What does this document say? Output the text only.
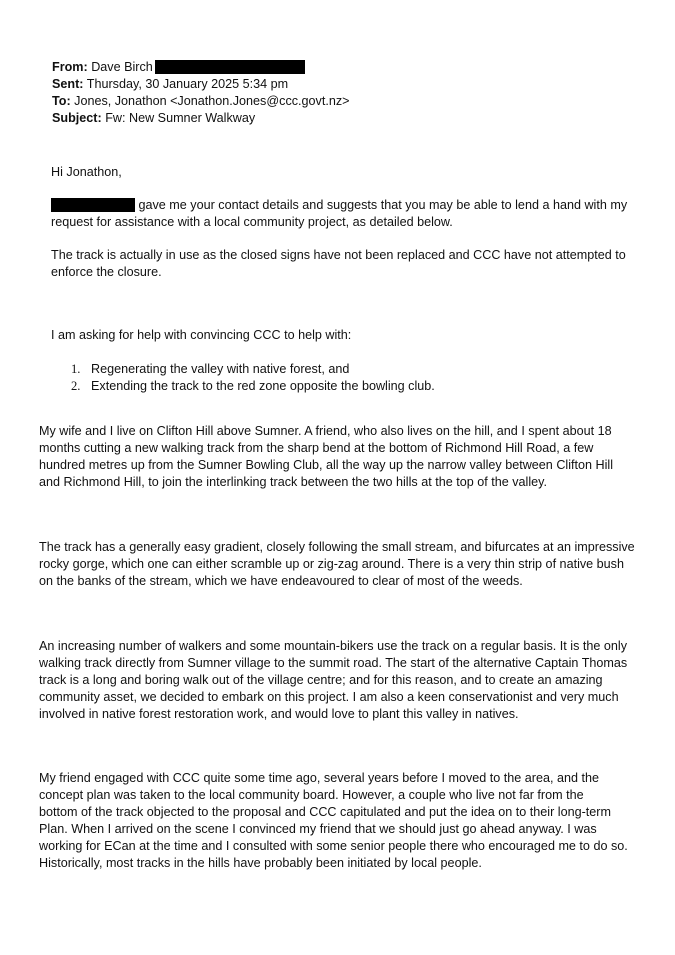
From: Dave Birch
Sent: Thursday, 30 January 2025 5:34 pm
To: Jones, Jonathon <Jonathon.Jones@ccc.govt.nz>
Subject: Fw: New Sumner Walkway
Hi Jonathon,
gave me your contact details and suggests that you may be able to lend a hand with my
request for assistance with a local community project, as detailed below.
The track is actually in use as the closed signs have not been replaced and CCC have not attempted to
enforce the closure.
I am asking for help with convincing CCC to help with:
1. Regenerating the valley with native forest, and
2. Extending the track to the red zone opposite the bowling club.
My wife and I live on Clifton Hill above Sumner. A friend, who also lives on the hill, and I spent about 18
months cutting a new walking track from the sharp bend at the bottom of Richmond Hill Road, a few
hundred metres up from the Sumner Bowling Club, all the way up the narrow valley between Clifton Hill
and Richmond Hill, to join the interlinking track between the two hills at the top of the valley.
The track has a generally easy gradient, closely following the small stream, and bifurcates at an impressive
rocky gorge, which one can either scramble up or zig-zag around. There is a very thin strip of native bush
on the banks of the stream, which we have endeavoured to clear of most of the weeds.
An increasing number of walkers and some mountain-bikers use the track on a regular basis. It is the only
walking track directly from Sumner village to the summit road. The start of the alternative Captain Thomas
track is a long and boring walk out of the village centre; and for this reason, and to create an amazing
community asset, we decided to embark on this project. I am also a keen conservationist and very much
involved in native forest restoration work, and would love to plant this valley in natives.
My friend engaged with CCC quite some time ago, several years before I moved to the area, and the
concept plan was taken to the local community board. However, a couple who live not far from the
bottom of the track objected to the proposal and CCC capitulated and put the idea on to their long-term
Plan. When I arrived on the scene I convinced my friend that we should just go ahead anyway. I was
working for ECan at the time and I consulted with some senior people there who encouraged me to do so.
Historically, most tracks in the hills have probably been initiated by local people.
